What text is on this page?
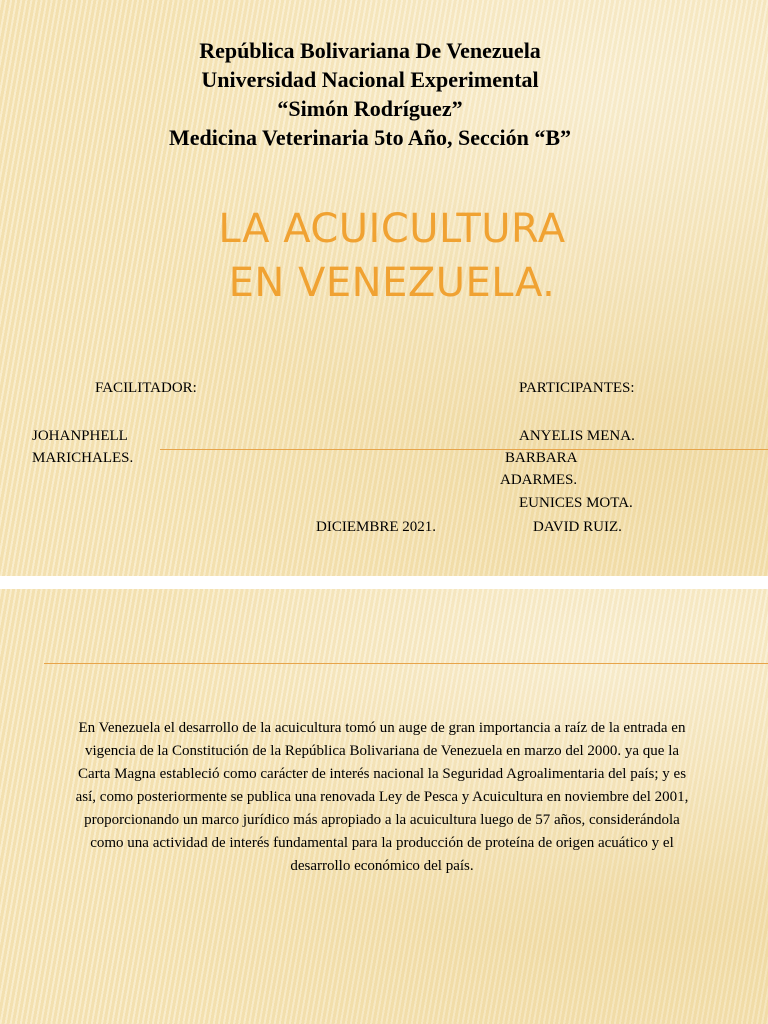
República Bolivariana De Venezuela
Universidad Nacional Experimental
“Simón Rodríguez”
Medicina Veterinaria 5to Año, Sección “B”
LA ACUICULTURA
EN VENEZUELA.
FACILITADOR:
JOHANPHELL
MARICHALES.
PARTICIPANTES:
ANYELIS MENA.
BARBARA
ADARMES.
EUNICES MOTA.
DAVID RUIZ.
DICIEMBRE 2021.
En Venezuela el desarrollo de la acuicultura tomó un auge de gran importancia a raíz de la entrada en vigencia de la Constitución de la República Bolivariana de Venezuela en marzo del 2000. ya que la Carta Magna estableció como carácter de interés nacional la Seguridad Agroalimentaria del país; y es así, como posteriormente se publica una renovada Ley de Pesca y Acuicultura en noviembre del 2001, proporcionando un marco jurídico más apropiado a la acuicultura luego de 57 años, considerándola como una actividad de interés fundamental para la producción de proteína de origen acuático y el desarrollo económico del país.
